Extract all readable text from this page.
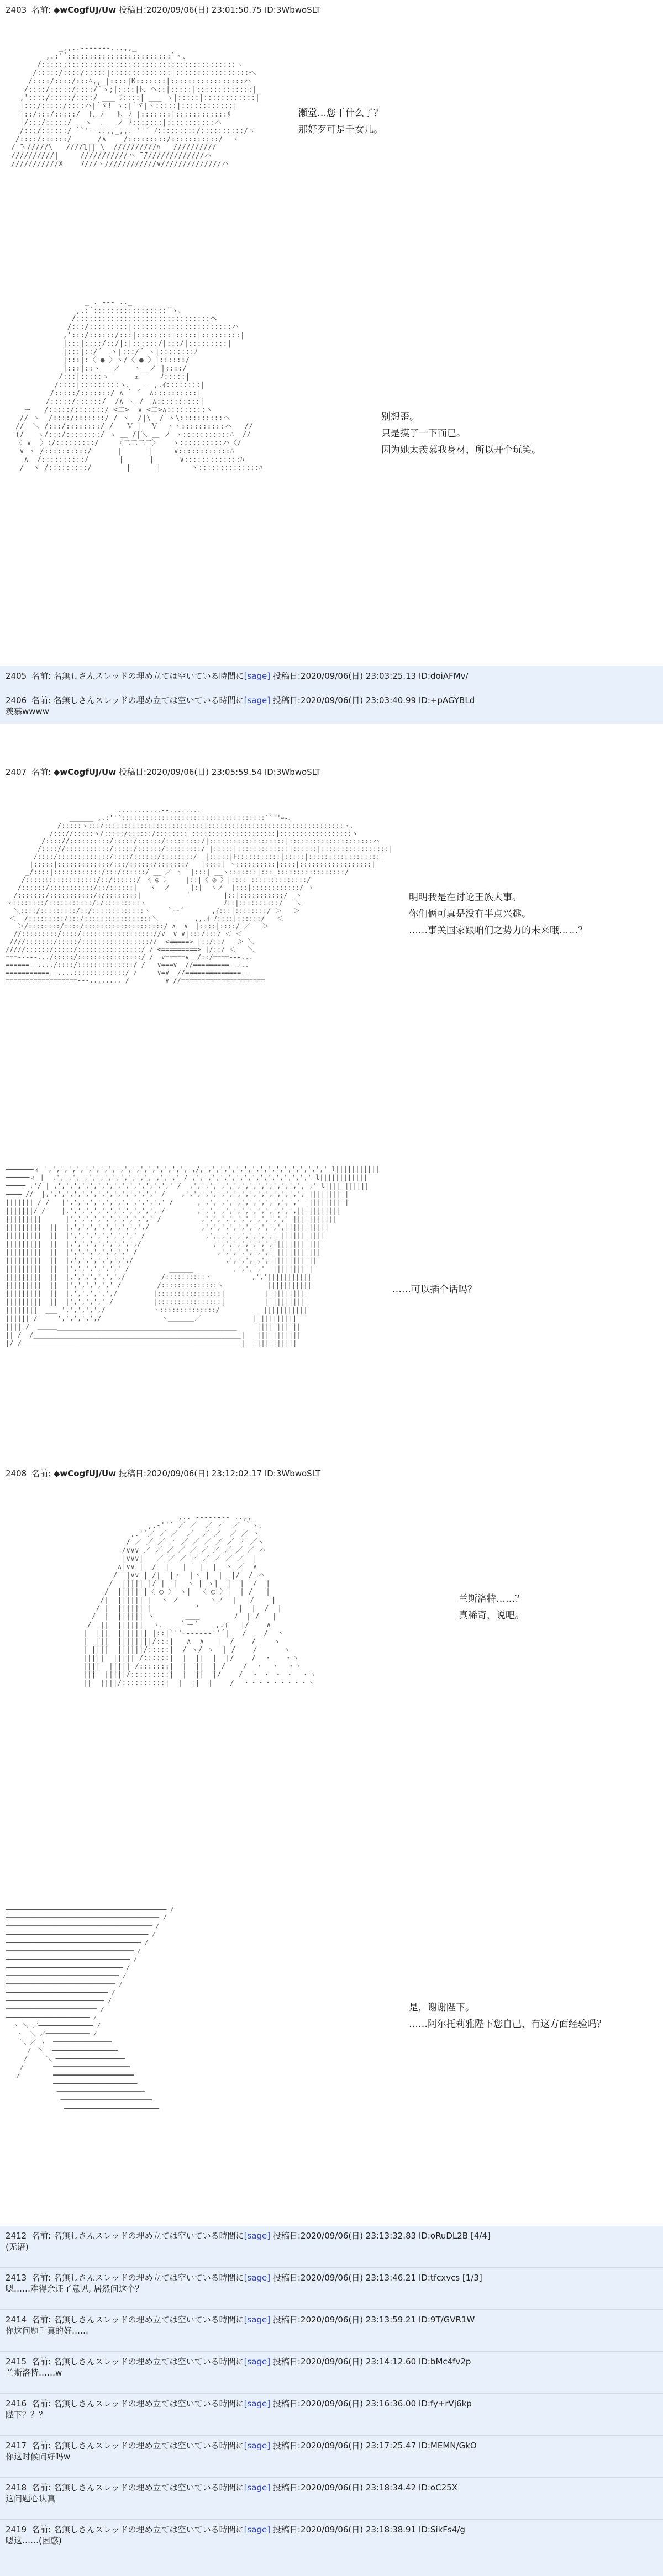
2403 名前: ◆wCogfUJ/Uw 投稿日:2020/09/06(日) 23:01:50.75 ID:3WbwoSLT
_,,..--‐‐‐‐-...,,_
,.:'´::::::::::::::::::::::::`ヽ、
/:::::::::::::::::::::::::::::::::::::::::::::ヽ
/:::::/::::/:::::|::::::::::::::|:::::::::::::::::ヘ
/::::/::::/:::ﾍ,,_|::::|K:::::::|:::::::::::::::::ハ
/::::/:::::/::::/´ヽ;|::::|ﾄ、ヘ::|:::::|:::::::::::::|
,'::::/:::::/::::/ ___ ﾘ::::| ___ ヽ|:::::|::::::::::::|
|:::/:::::/::::ハ|´ヾ! ヽ:|´ヾ|ヽ:::::|::::::::::::|
|::/:::/:::::/  ﾄ､_ﾉ   ﾄ､_ﾉ |:::::::|::::::::::::ﾘ
|/:::/:::::/   ヽ  ､_  ノ ﾉ:::::::|:::::::::::ハ
/:::/::::::/ ``'‐-..,,_,,.-''´ ﾉ:::::::::/::::::::::/ヽ
/::::/::::::/      /∧    /:::::::::/:::::::::::/  ヽ
/ ̄ヽ/////\   ////l|| \  //////////ﾊ   //////////
//////////|     ///////////ハ ̄ ̄//////////////ハ
///////////X    7///ヽ////////////∨//////////////ハ
瀬堂…您干什么了？
那好歹可是千女儿。
_ . --- .._
,.:´:::::::::::::::::`ヽ、
/:::::::::::::::::::::::::::::::ヘ
/:::/:::::::::|:::::::::::::::::::::::ハ
,':::/::::::/:::|::::::::|:::::|:::::::::|
|:::|::::/::/|:|::::::/|:::/|:::::::::|
|:::|::/´ ̄ ヽ|:::/´ ̄ヽ|::::::::ﾉ
|:::|:〈 ● 〉ヽ/〈 ● 〉|::::::/
|:::|::ヽ __ノ   ヽ__ノ |::::/
/:::|:::::ヽ      ｪ     ﾉ:::::|
/::::|:::::::::ヽ、  ＿ ,.ｲ::::::::|
/:::::/:::::::/ ∧ ` ´  ∧::::::::::|
/:::::/::::::/  /∧ ＼ /  ∧::::::::::|
ー   /:::::/:::::::/ <二>  ∨ <二>∧:::::::::ヽ
// ヽ  /::::/:::::::/ / ヽ  /|\  / ヽ\::::::::::ヘ
//  ＼ /:::/::::::::/ /   Ｖ |  Ｖ  ヽヽ::::::::::ハ   //
(/   ヽ/:::/::::::::/ ヽ ＿ /|＼ ＿ ノ ヽ:::::::::::ﾊ  //
〈 ∨  〉:/:::::::::/    〈二二二二〉   ヽ::::::::::ハ〈/
∨ ヽ /::::::::::/      |      |     ∨::::::::::::ﾊ
∧  /::::::::::/       |      |      ∨:::::::::::::ﾊ
/  ヽ /:::::::::/        |      |       ヽ::::::::::::::ﾊ
别想歪。
只是摸了一下而已。
因为她太羡慕我身材，所以开个玩笑。
2405 名前: 名無しさんスレッドの埋め立ては空いている時間に[sage] 投稿日:2020/09/06(日) 23:03:25.13 ID:doiAFMv/
2406 名前: 名無しさんスレッドの埋め立ては空いている時間に[sage] 投稿日:2020/09/06(日) 23:03:40.99 ID:+pAGYBLd
羡慕wwww
2407 名前: ◆wCogfUJ/Uw 投稿日:2020/09/06(日) 23:05:59.54 ID:3WbwoSLT
_____...........--........__
______ ,.:''´::::::::::::::::::::::::::::::::::::``''ｰ-、
/:::::ヽ:::/::::::::::::::::::::::::::::::::::::::::::::::::::::::::::::ヽ、
/::://:::::ヽ/:::::/::::::/::::::::|:::::::::::::::::::::|::::::::::::::::::ヽ
/:::://::::::::::/:::::/::::::/:::::::::/|:::::::::::::::::::|:::::::::::::::::::::ハ
/:::://:::::::::::/:::::/::::::/:::::::::/ |:::::|:::::::::::::|::::::|:::::::::::::::::|
/::::/:::::::::::::/::::/::::::/::::::::/  |:::::|ﾄ:::::::::::|:::::|::::::::::::::::::|
|:::::|:::::::::::::/:::/::::::/:::::::/   |::::| ヽ::::::::::|::::|::::::::::::::::::|
_/::::|::::::::::::/:::/::::::/ __ ／ ヽ  |:::| __ヽ:::::::|:::|:::::::::::::::::/
/:::::ﾘ::::::::::::/::/::::::/ 〈 ◎ 〉    |::|〈 ◎ 〉|::::|::::::::::::::/
/::::::/:::::::::::/::/::::::|   ヽ__ノ     |:|  ヽノ  |:::|::::::::::::/ ヽ
_/:::::::/:::::::::::/:/::::::::|           ｀        |::|:::::::::::/  ヽ
ヽ::::::::/:::::::::::/:/:::::::::ヽ       ＿＿         ﾉ::|::::::::::/   ＼
＼::::/:::::::::/::/:::::::::::::ヽ    ｀ー´       ,ｲ:::|::::::::/ ＞   ＞
＜  /:::::::::/:::/:::::::::::::::::＼ __ _____,,.ｲ ﾉ::::|::::::/   ＜
＞/::::::::/::::/::::::::::::::::::::/ ∧  ∧  |::::|::::/ ／   ＞
//:::::::::/::::/:::::::::::::::::://∨  ∨ ∨|:::/:::/ ＜ ＜
////:::::::/:::::/::::::::::::::::://  <=====> |::/::/   ＞ ＼
/////::::::/:::::/::::::::::::::::/ / <=========> |/::/ ＜   ＼
===-----.../:::::/::::::::::::::::/ /  ∨=====∨  /::/====---...
======--..../::::/::::::::::::::/ /   ∨===∨  //=========---..
===========--....:::::::::::::/ /     ∨=∨  //==============--
==================---........ /         ∨ //=====================
明明我是在讨论王族大事。
你们俩可真是没有半点兴趣。
……事关国家跟咱们之势力的未来哦……？
━━━━━━━ィ ',',',',',',',',',',',',',',',',',',',/,',',',',',',',',',',',',',',',' l|||||||||||
━━━━━━ィ |  ,',',',',',',',',',',',',',',',' / ,',',',',',',',',',',',',',',' l||||||||||||
━━━━━ ,'/ | ,',',',',',',',',',',',',',',' /  ,',',',',',',',',',',',',',',',' l|||||||||||
━━━━ //  |,',',',',',',',',',',',',',' /    ,',',',',',',',',',',',',',',',|||||||||||
||||||| / /   |',',',',',',',',',',',',' /      ,',',',',',',',',',',',',' |||||||||||
|||||||/ /    |,',',',',',',',',',',', /        ,',',',',',',',',',',',',|||||||||||
|||||||||      |',',',',',',',',',',' /          ,',',',',',',',',',',' |||||||||||
|||||||||  ||  |,',',',',',',',',',/             ,',',',',',',',',',',|||||||||||
|||||||||  ||  |',',',',',',',',' /               ,',',',',',',',',' |||||||||||
|||||||||  ||  |,',',',',',',',',/                  ,',',',',',',','|||||||||||
|||||||||  ||  |',',',',',',',' /                    ,',',',',',',' |||||||||||
|||||||||  ||  |,',',',',',',',/                       ,',',',',','|||||||||||
|||||||||  ||  |',',',',',',' /          ______          ,',',',' |||||||||||
|||||||||  ||  |,',',',',',',/         /::::::::::ヽ          ,','|||||||||||
|||||||||  ||  |',',',',',' /         /::::::::::::::ヽ           |||||||||||
|||||||||  ||  |,',',',',',/         |::::::::::::::::|          |||||||||||
|||||||||  ||  |',',',',' /          |::::::::::::::::|          |||||||||||
||||||||  ___ ',',',',',/            ヽ::::::::::::::/           |||||||||||
|||||| /     ',',',',',/               ヽ＿＿＿＿／             |||||||||||
|||| /  ＿＿＿_____________________________________________     |||||||||||
|| /  /____________________________________________________|   |||||||||||
|/ /_______________________________________________________|  |||||||||||
……可以插个话吗？
2408 名前: ◆wCogfUJ/Uw 投稿日:2020/09/06(日) 23:12:02.17 ID:3WbwoSLT
___,.. -------- ..,,_
_,.-''´ ／ ／  ／ ／  ／ ｀ヽ、
,.'´／ ／ ／  ／  ／ ／  ／ ／ ヽ
/ ／ ／ ／ ／ ／ ／ ／ ／ ／ ／ ／ヽ
/∨∨∨ ／ ／ ／ ／ ／ ／ ／ ／ ／ ／ ハ
|∨∨∨|   ／ ／ ／ ／ ／ ／ ／ ／  |
∧|∨∨ |  /  |   |   |  |  ヽ ／  ∧
/  |∨∨ | /|  |ヽ  |ヽ |  |  |/  / ハ
/  ||||| |/ |  |  ヽ | ヽ|  |  |  /  |
/  ||||| |〈 ◯ 〉 ヽ|  〈 ◯ 〉|  | /   |
/|  |||||| |  ヽ ノ       ヽノ  |  |/    |
/ |  |||||| |          '         |  |  /  |
/  |  |||||| ヽ       ＿＿        ﾉ  | /   |
/  ||  ||||||  ヽ、   ｀ー´    ,.ｲ   |/    ∧
|  |||  ||||||| |::|`''ｰ-----‐''´|   /    /  ヽ
|  |||  ||||||||/:::|   ∧  ∧   |  /    /    ヽ
| ||||  ||||||/:::::|  / ヽ/ ヽ  | /    /      ヽ
|||||  ||||| /::::::|  |  ||  |  |/    /  ・   ・ヽ
||||  ||||| /:::::::|  |  ||  | /    /  ・  ・  ・ヽ
|||  |||||/:::::::::|  |  ||  |/    /  ・ ・ ・ ・  ・ヽ
||  ||||/::::::::::|  |  ||  |    /  ・・・・・・・・・ヽ
兰斯洛特……？
真稀奇，说吧。
━━━━━━━━━━━━━━━━━━━━━━━━━━━━━━━━━━━━━━━━━━━━ /
━━━━━━━━━━━━━━━━━━━━━━━━━━━━━━━━━━━━━━━━━━ /
━━━━━━━━━━━━━━━━━━━━━━━━━━━━━━━━━━━━━━━━ /
━━━━━━━━━━━━━━━━━━━━━━━━━━━━━━━━━━━━━━━ /
━━━━━━━━━━━━━━━━━━━━━━━━━━━━━━━━━━━━━ /
━━━━━━━━━━━━━━━━━━━━━━━━━━━━━━━━━━━ /
━━━━━━━━━━━━━━━━━━━━━━━━━━━━━━━━━━ /
━━━━━━━━━━━━━━━━━━━━━━━━━━━━━━━━ /
━━━━━━━━━━━━━━━━━━━━━━━━━━━━━━━ /
━━━━━━━━━━━━━━━━━━━━━━━━━━━━━━ /
━━━━━━━━━━━━━━━━━━━━━━━━━━━━ /
━━━━━━━━━━━━━━━━━━━━━━━━━━━ /
━━━━━━━━━━━━━━━━━━━━━━━━━ /
━━━━━━━━━━━━━━━━━━━━━━━ /
ヽ ＼ ／━━━━━━━━━━━━━━━ /
ヽ  ＼ ／━━━━━━━━━━━━ /
＼ ／ ヽ  ━━━━━━━━━━━━━━━━
/  ＼  ━━━━━━━━━━━━━━━━━━
/     ＼ ━━━━━━━━━━━━━━━━━━━
/        ━━━━━━━━━━━━━━━━━━━━━
/         ━━━━━━━━━━━━━━━━━━━━━━
━━━━━━━━━━━━━━━━━━━━━━━
━━━━━━━━━━━━━━━━━━━━━━━━
━━━━━━━━━━━━━━━━━━━━━━━━━
━━━━━━━━━━━━━━━━━━━━━━━━━━
是，谢谢陛下。
……阿尔托莉雅陛下您自己，有这方面经验吗？
2412 名前: 名無しさんスレッドの埋め立ては空いている時間に[sage] 投稿日:2020/09/06(日) 23:13:32.83 ID:oRuDL2B [4/4]
(无语)
2413 名前: 名無しさんスレッドの埋め立ては空いている時間に[sage] 投稿日:2020/09/06(日) 23:13:46.21 ID:tfcxvcs [1/3]
嗯……难得余证了意见, 居然问这个？
2414 名前: 名無しさんスレッドの埋め立ては空いている時間に[sage] 投稿日:2020/09/06(日) 23:13:59.21 ID:9T/GVR1W
你这问题千真的好……
2415 名前: 名無しさんスレッドの埋め立ては空いている時間に[sage] 投稿日:2020/09/06(日) 23:14:12.60 ID:bMc4fv2p
兰斯洛特……w
2416 名前: 名無しさんスレッドの埋め立ては空いている時間に[sage] 投稿日:2020/09/06(日) 23:16:36.00 ID:fy+rVj6kp
陛下？？？
2417 名前: 名無しさんスレッドの埋め立ては空いている時間に[sage] 投稿日:2020/09/06(日) 23:17:25.47 ID:MEMN/GkO
你这时候问好吗w
2418 名前: 名無しさんスレッドの埋め立ては空いている時間に[sage] 投稿日:2020/09/06(日) 23:18:34.42 ID:oC25X
这问题心认真
2419 名前: 名無しさんスレッドの埋め立ては空いている時間に[sage] 投稿日:2020/09/06(日) 23:18:38.91 ID:SikFs4/g
嗯这……(困惑)
